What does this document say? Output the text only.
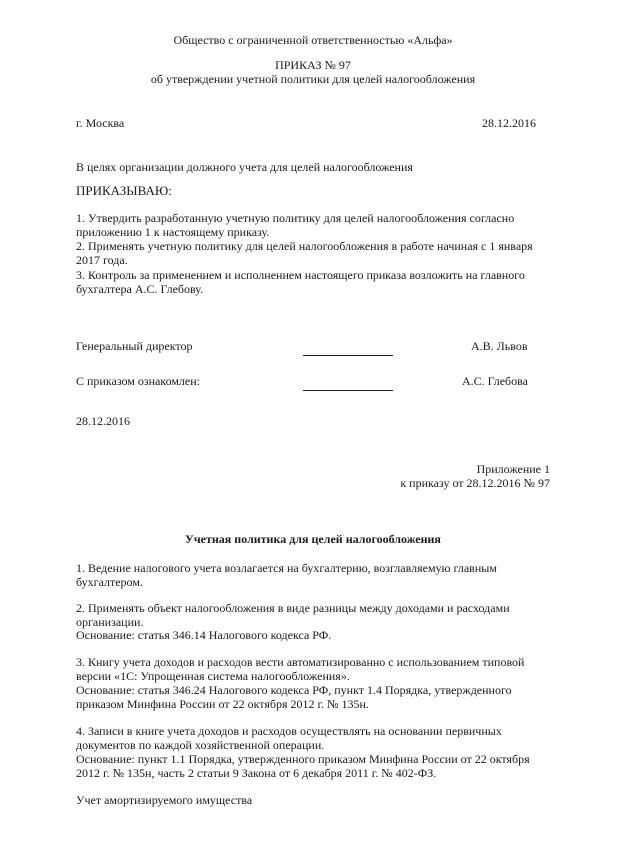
Общество с ограниченной ответственностью «Альфа»
ПРИКАЗ № 97
об утверждении учетной политики для целей налогообложения
г. Москва	28.12.2016
В целях организации должного учета для целей налогообложения
ПРИКАЗЫВАЮ:
1. Утвердить разработанную учетную политику для целей налогообложения согласно
приложению 1 к настоящему приказу.
2. Применять учетную политику для целей налогообложения в работе начиная с 1 января
2017 года.
3. Контроль за применением и исполнением настоящего приказа возложить на главного
бухгалтера А.С. Глебову.
Генеральный директор	А.В. Львов
С приказом ознакомлен:	А.С. Глебова
28.12.2016
Приложение 1
к приказу от 28.12.2016 № 97
Учетная политика для целей налогообложения
1. Ведение налогового учета возлагается на бухгалтерию, возглавляемую главным
бухгалтером.
2. Применять объект налогообложения в виде разницы между доходами и расходами
организации.
Основание: статья 346.14 Налогового кодекса РФ.
3. Книгу учета доходов и расходов вести автоматизированно с использованием типовой
версии «1С: Упрощенная система налогообложения».
Основание: статья 346.24 Налогового кодекса РФ, пункт 1.4 Порядка, утвержденного
приказом Минфина России от 22 октября 2012 г. № 135н.
4. Записи в книге учета доходов и расходов осуществлять на основании первичных
документов по каждой хозяйственной операции.
Основание: пункт 1.1 Порядка, утвержденного приказом Минфина России от 22 октября
2012 г. № 135н, часть 2 статьи 9 Закона от 6 декабря 2011 г. № 402-ФЗ.
Учет амортизируемого имущества
